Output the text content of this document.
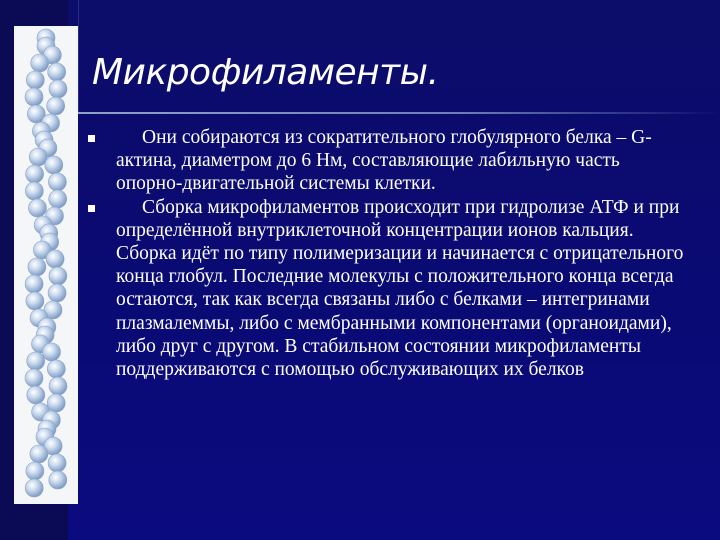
Микрофиламенты.
Они собираются из сократительного глобулярного белка – G-актина, диаметром до 6 Нм, составляющие лабильную часть опорно-двигательной системы клетки.
Сборка микрофиламентов происходит при гидролизе АТФ и при определённой внутриклеточной концентрации ионов кальция. Сборка идёт по типу полимеризации и начинается с отрицательного конца глобул. Последние молекулы с положительного конца всегда остаются, так как всегда связаны либо с белками – интегринами плазмалеммы, либо с мембранными компонентами (органоидами), либо друг с другом. В стабильном состоянии микрофиламенты поддерживаются с помощью обслуживающих их белков
